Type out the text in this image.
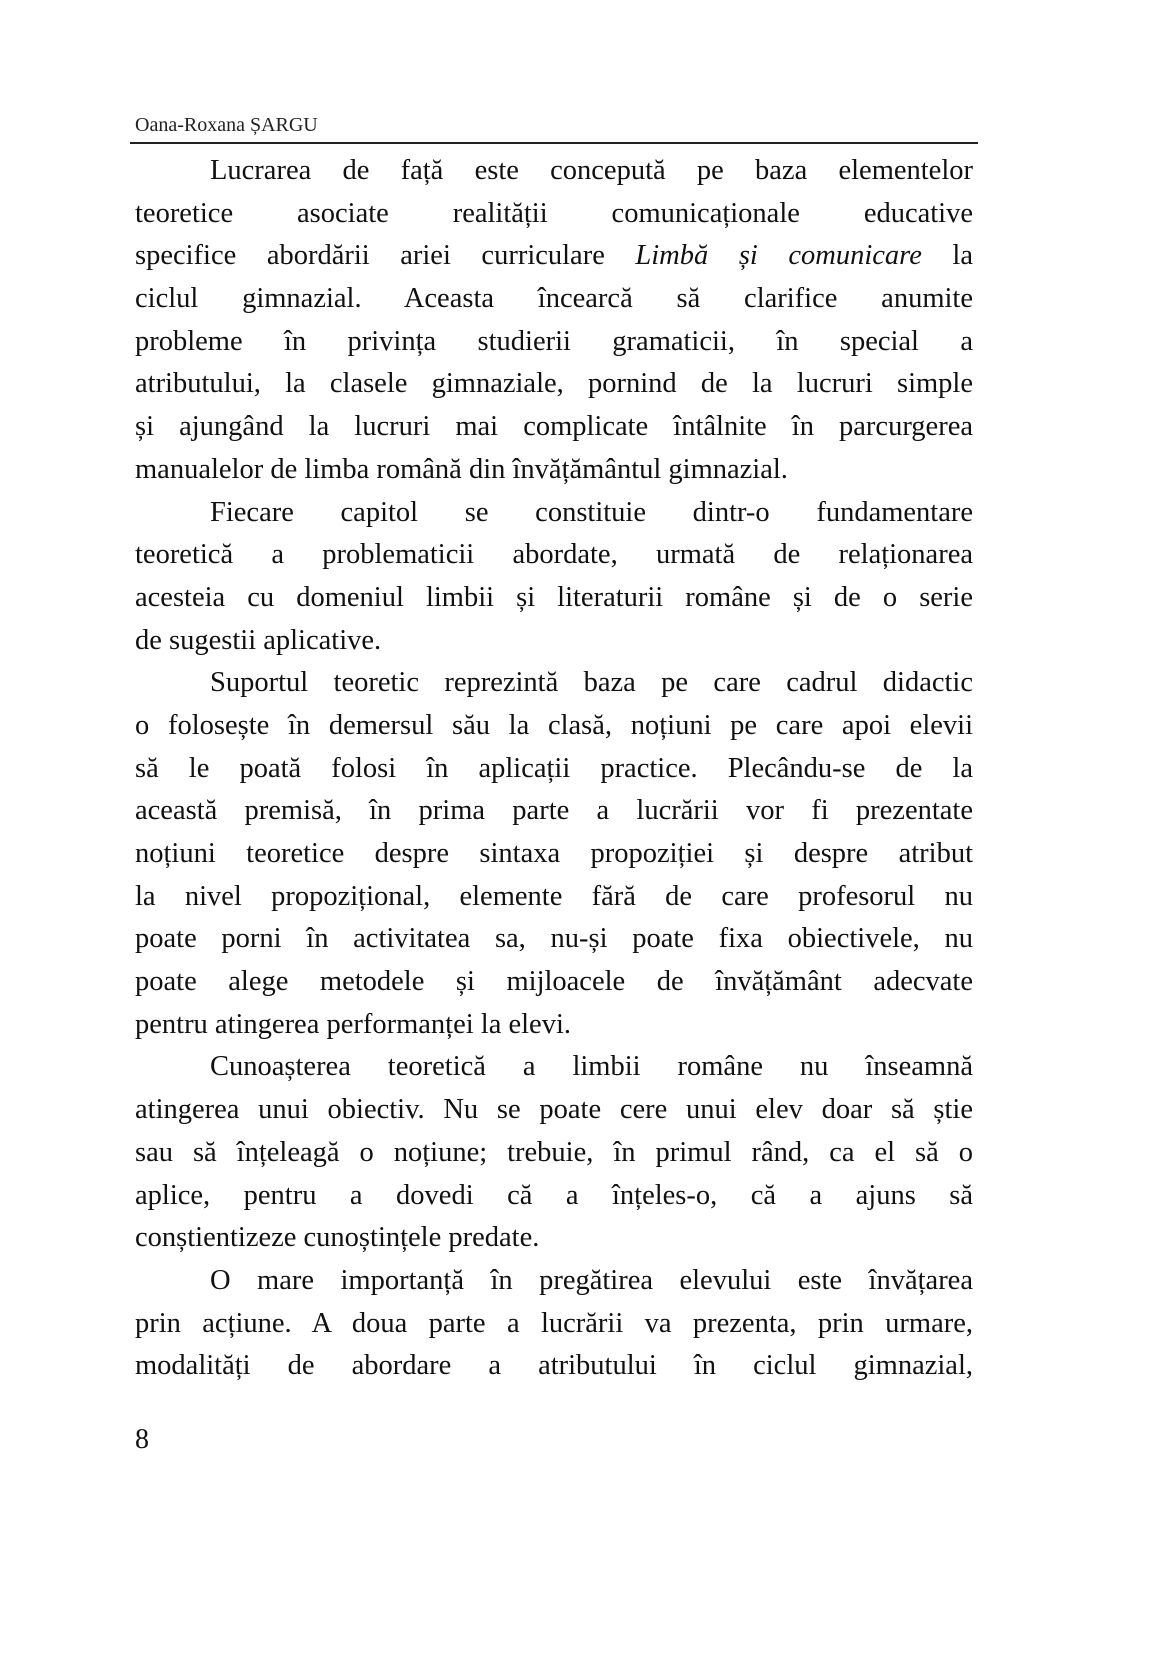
Oana-Roxana ȘARGU
Lucrarea de față este concepută pe baza elementelor
teoretice asociate realității comunicaționale educative
specifice abordării ariei curriculare Limbă și comunicare la
ciclul gimnazial. Aceasta încearcă să clarifice anumite
probleme în privința studierii gramaticii, în special a
atributului, la clasele gimnaziale, pornind de la lucruri simple
și ajungând la lucruri mai complicate întâlnite în parcurgerea
manualelor de limba română din învățământul gimnazial.
Fiecare capitol se constituie dintr-o fundamentare
teoretică a problematicii abordate, urmată de relaționarea
acesteia cu domeniul limbii și literaturii române și de o serie
de sugestii aplicative.
Suportul teoretic reprezintă baza pe care cadrul didactic
o folosește în demersul său la clasă, noțiuni pe care apoi elevii
să le poată folosi în aplicații practice. Plecându-se de la
această premisă, în prima parte a lucrării vor fi prezentate
noțiuni teoretice despre sintaxa propoziției și despre atribut
la nivel propozițional, elemente fără de care profesorul nu
poate porni în activitatea sa, nu-și poate fixa obiectivele, nu
poate alege metodele și mijloacele de învățământ adecvate
pentru atingerea performanței la elevi.
Cunoașterea teoretică a limbii române nu înseamnă
atingerea unui obiectiv. Nu se poate cere unui elev doar să știe
sau să înțeleagă o noțiune; trebuie, în primul rând, ca el să o
aplice, pentru a dovedi că a înțeles-o, că a ajuns să
conștientizeze cunoștințele predate.
O mare importanță în pregătirea elevului este învățarea
prin acțiune. A doua parte a lucrării va prezenta, prin urmare,
modalități de abordare a atributului în ciclul gimnazial,
8
